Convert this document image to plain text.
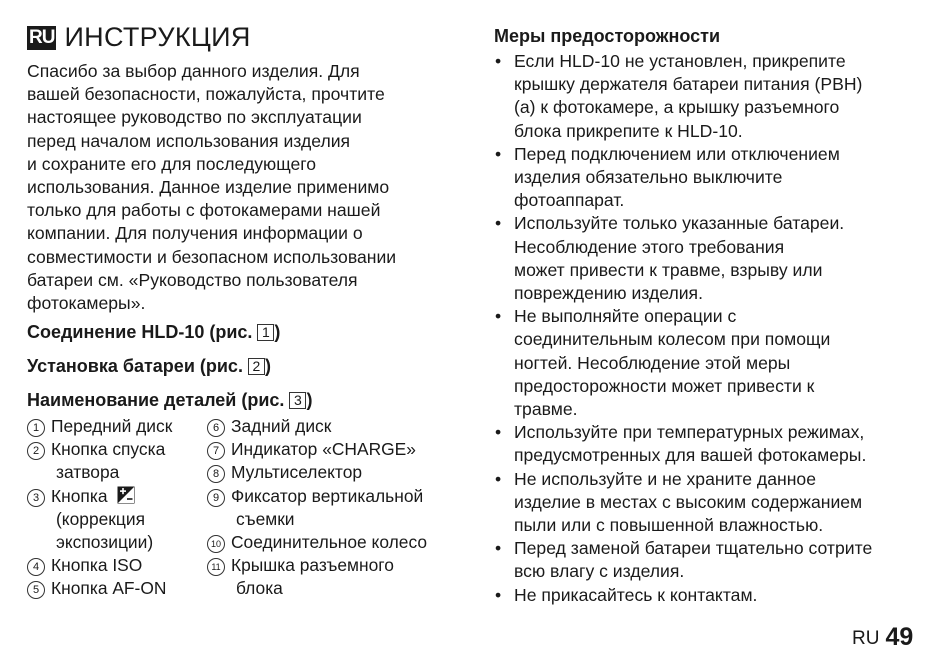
RU ИНСТРУКЦИЯ
Спасибо за выбор данного изделия. Для
вашей безопасности, пожалуйста, прочтите
настоящее руководство по эксплуатации
перед началом использования изделия
и сохраните его для последующего
использования. Данное изделие применимо
только для работы с фотокамерами нашей
компании. Для получения информации о
совместимости и безопасном использовании
батареи см. «Руководство пользователя
фотокамеры».
Соединение HLD-10 (рис. 1 )
Установка батареи (рис. 2 )
Наименование деталей (рис. 3 )
1 Передний диск
2 Кнопка спуска
затвора
3 Кнопка
(коррекция
экспозиции)
4 Кнопка ISO
5 Кнопка AF-ON
6 Задний диск
7 Индикатор «CHARGE»
8 Мультиселектор
9 Фиксатор вертикальной
съемки
10 Соединительное колесо
11 Крышка разъемного
блока
Меры предосторожности
• Если HLD-10 не установлен, прикрепите
крышку держателя батареи питания (PBH)
(a) к фотокамере, а крышку разъемного
блока прикрепите к HLD-10.
• Перед подключением или отключением
изделия обязательно выключите
фотоаппарат.
• Используйте только указанные батареи.
Несоблюдение этого требования
может привести к травме, взрыву или
повреждению изделия.
• Не выполняйте операции с
соединительным колесом при помощи
ногтей. Несоблюдение этой меры
предосторожности может привести к
травме.
• Используйте при температурных режимах,
предусмотренных для вашей фотокамеры.
• Не используйте и не храните данное
изделие в местах с высоким содержанием
пыли или с повышенной влажностью.
• Перед заменой батареи тщательно сотрите
всю влагу с изделия.
• Не прикасайтесь к контактам.
RU 49
